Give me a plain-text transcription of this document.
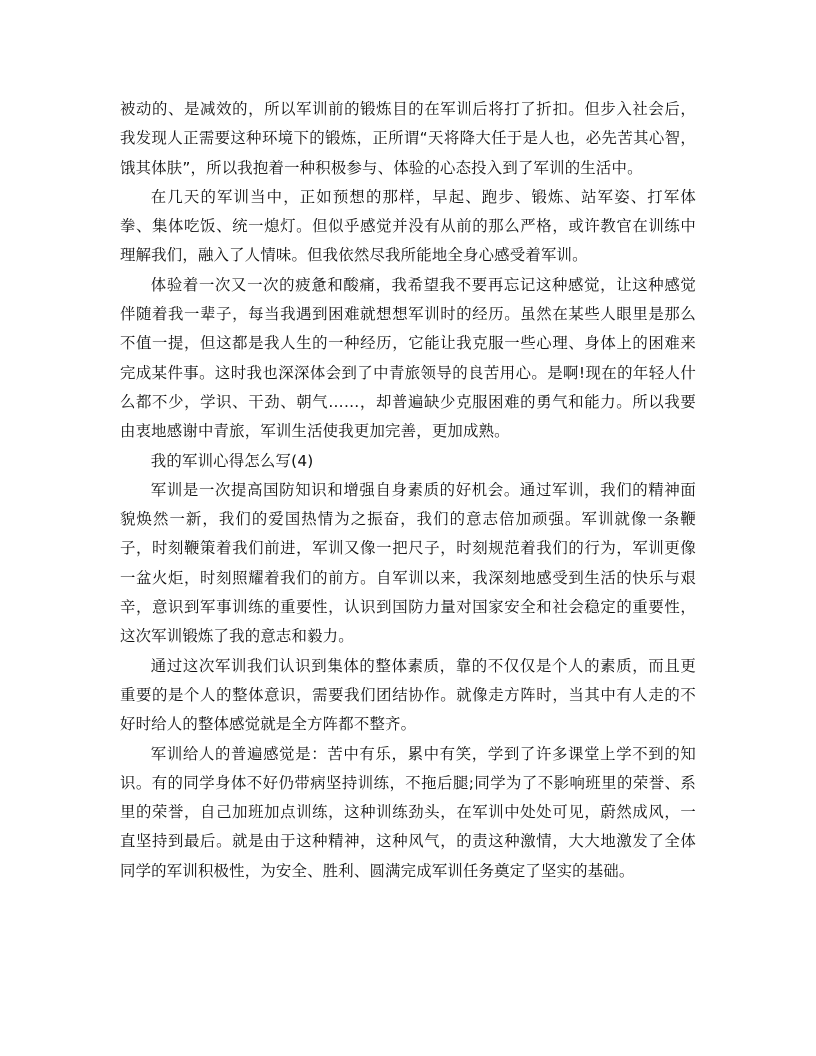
被动的、是减效的，所以军训前的锻炼目的在军训后将打了折扣。但步入社会后，我发现人正需要这种环境下的锻炼，正所谓“天将降大任于是人也，必先苦其心智，饿其体肤”，所以我抱着一种积极参与、体验的心态投入到了军训的生活中。

在几天的军训当中，正如预想的那样，早起、跑步、锻炼、站军姿、打军体拳、集体吃饭、统一熄灯。但似乎感觉并没有从前的那么严格，或许教官在训练中理解我们，融入了人情味。但我依然尽我所能地全身心感受着军训。

体验着一次又一次的疲惫和酸痛，我希望我不要再忘记这种感觉，让这种感觉伴随着我一辈子，每当我遇到困难就想想军训时的经历。虽然在某些人眼里是那么不值一提，但这都是我人生的一种经历，它能让我克服一些心理、身体上的困难来完成某件事。这时我也深深体会到了中青旅领导的良苦用心。是啊!现在的年轻人什么都不少，学识、干劲、朝气……，却普遍缺少克服困难的勇气和能力。所以我要由衷地感谢中青旅，军训生活使我更加完善，更加成熟。

我的军训心得怎么写(4)

军训是一次提高国防知识和增强自身素质的好机会。通过军训，我们的精神面貌焕然一新，我们的爱国热情为之振奋，我们的意志倍加顽强。军训就像一条鞭子，时刻鞭策着我们前进，军训又像一把尺子，时刻规范着我们的行为，军训更像一盆火炬，时刻照耀着我们的前方。自军训以来，我深刻地感受到生活的快乐与艰辛，意识到军事训练的重要性，认识到国防力量对国家安全和社会稳定的重要性，这次军训锻炼了我的意志和毅力。

通过这次军训我们认识到集体的整体素质，靠的不仅仅是个人的素质，而且更重要的是个人的整体意识，需要我们团结协作。就像走方阵时，当其中有人走的不好时给人的整体感觉就是全方阵都不整齐。

军训给人的普遍感觉是：苦中有乐，累中有笑，学到了许多课堂上学不到的知识。有的同学身体不好仍带病坚持训练，不拖后腿;同学为了不影响班里的荣誉、系里的荣誉，自己加班加点训练，这种训练劲头，在军训中处处可见，蔚然成风，一直坚持到最后。就是由于这种精神，这种风气，的责这种激情，大大地激发了全体同学的军训积极性，为安全、胜利、圆满完成军训任务奠定了坚实的基础。
